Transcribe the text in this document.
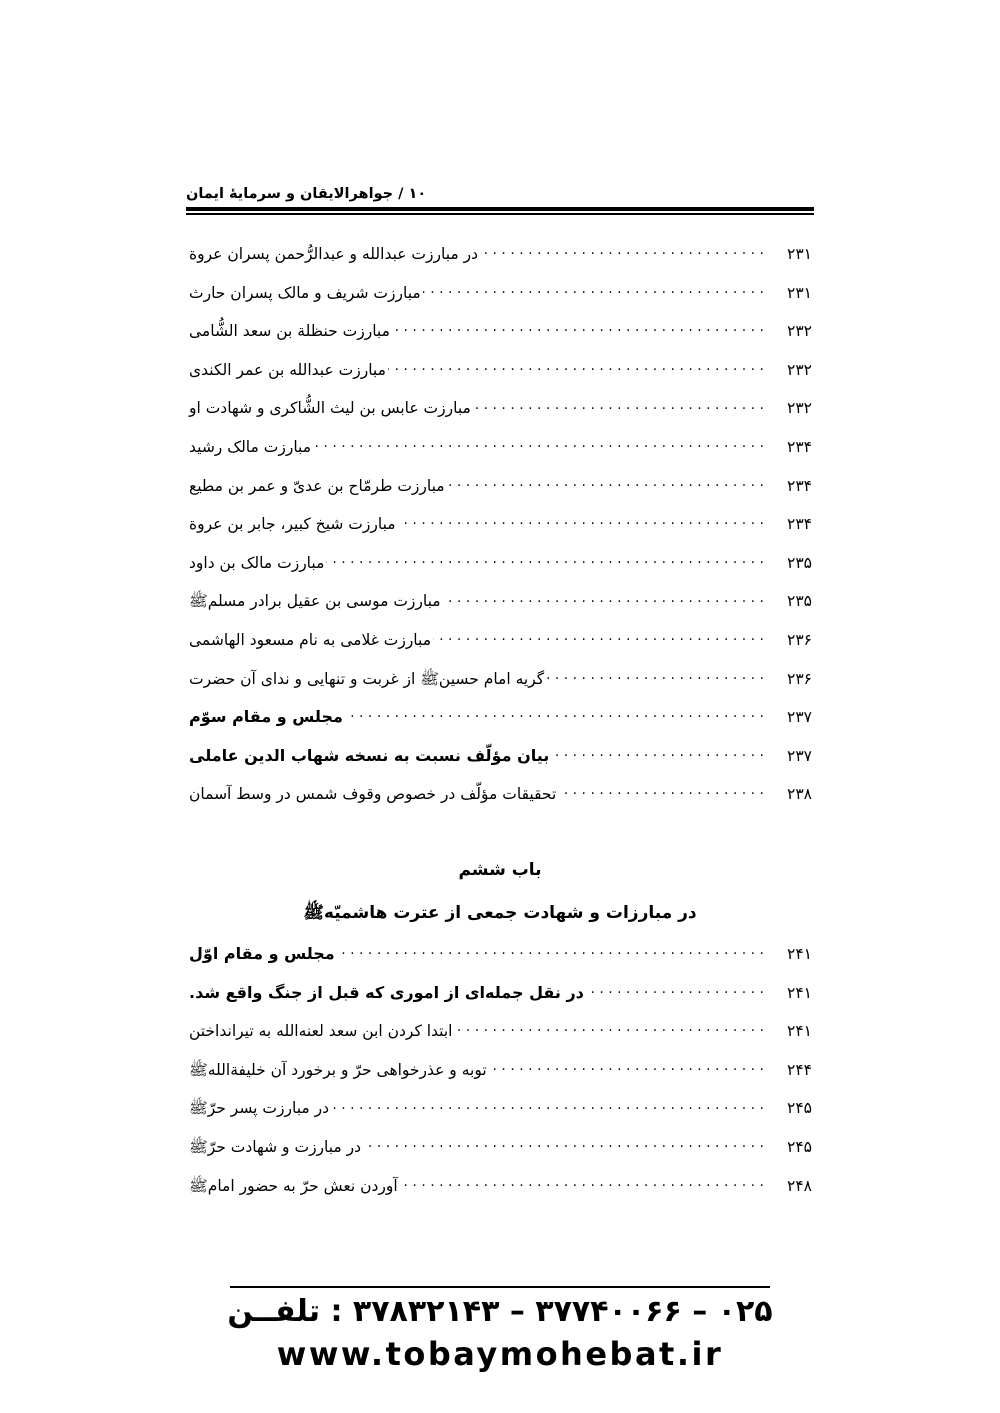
۱۰ / جواهرالایقان و سرمایهٔ ایمان
در مبارزت عبدالله و عبدالرُّحمن پسران عروة . . .	۲۳۱
مبارزت شریف و مالک پسران حارث . . .	۲۳۱
مبارزت حنظلة بن سعد الشُّامی . . .	۲۳۲
مبارزت عبدالله بن عمر الکندی . . .	۲۳۲
مبارزت عابس بن لیث الشُّاکری و شهادت او . . .	۲۳۲
مبارزت مالک رشید . . .	۲۳۴
مبارزت طرمّاح بن عدیّ و عمر بن مطیع . . .	۲۳۴
مبارزت شیخ کبیر، جابر بن عروة . . .	۲۳۴
مبارزت مالک بن داود . . .	۲۳۵
مبارزت موسی بن عقیل برادر مسلمﷺ . . .	۲۳۵
مبارزت غلامی به نام مسعود الهاشمی . . .	۲۳۶
گریه امام حسینﷺ از غربت و تنهایی و ندای آن حضرت . . .	۲۳۶
مجلس و مقام سوّم . . .	۲۳۷
بیان مؤلّف نسبت به نسخه شهاب الدین عاملی . . .	۲۳۷
تحقیقات مؤلّف در خصوص وقوف شمس در وسط آسمان . . .	۲۳۸
باب ششم
در مبارزات و شهادت جمعی از عترت هاشمیّهﷺ
مجلس و مقام اوّل . . .	۲۴۱
در نقل جمله‌ای از اموری که قبل از جنگ واقع شد. . . .	۲۴۱
ابتدا کردن ابن سعد لعنه‌الله به تیرانداختن . . .	۲۴۱
توبه و عذرخواهی حرّ و برخورد آن خلیفةاللهﷺ . . .	۲۴۴
در مبارزت پسر حرّﷺ . . .	۲۴۵
در مبارزت و شهادت حرّﷺ . . .	۲۴۵
آوردن نعش حرّ به حضور امامﷺ . . .	۲۴۸
۰۲۵ – ۳۷۷۴۰۰۶۶ – ۳۷۸۳۲۱۴۳ : تلفــن
www.tobaymohebat.ir
